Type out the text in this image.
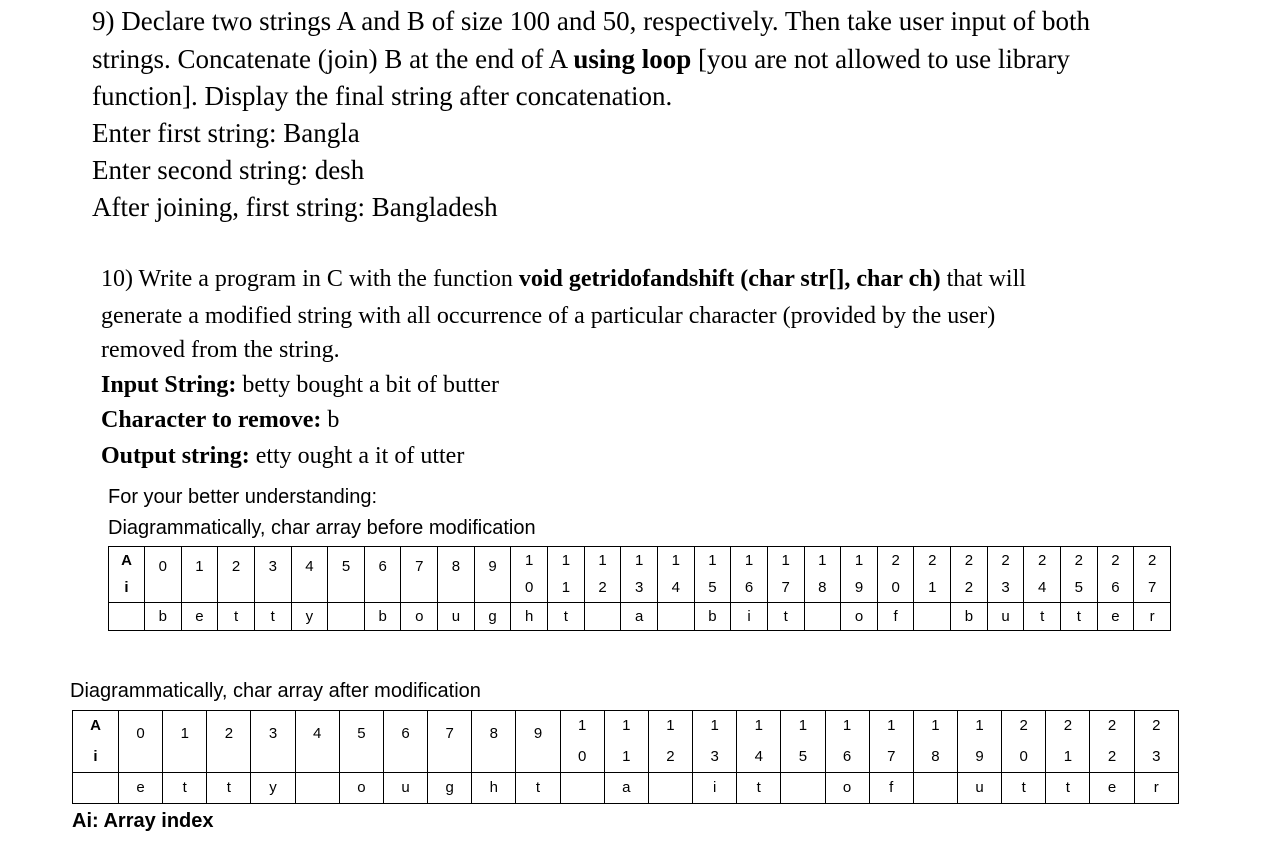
9) Declare two strings A and B of size 100 and 50, respectively. Then take user input of both
strings. Concatenate (join) B at the end of A using loop [you are not allowed to use library
function]. Display the final string after concatenation.
Enter first string: Bangla
Enter second string: desh
After joining, first string: Bangladesh
10) Write a program in C with the function void getridofandshift (char str[], char ch) that will
generate a modified string with all occurrence of a particular character (provided by the user)
removed from the string.
Input String: betty bought a bit of butter
Character to remove: b
Output string: etty ought a it of utter
For your better understanding:
Diagrammatically, char array before modification
A	0	1	2	3	4	5	6	7	8	9	1	1	1	1	1	1	1	1	1	1	2	2	2	2	2	2	2	2
i											0	1	2	3	4	5	6	7	8	9	0	1	2	3	4	5	6	7
	b	e	t	t	y		b	o	u	g	h	t		a		b	i	t		o	f		b	u	t	t	e	r
Diagrammatically, char array after modification
A	0	1	2	3	4	5	6	7	8	9	1	1	1	1	1	1	1	1	1	1	2	2	2	2
i											0	1	2	3	4	5	6	7	8	9	0	1	2	3
	e	t	t	y		o	u	g	h	t		a		i	t		o	f		u	t	t	e	r
Ai: Array index
